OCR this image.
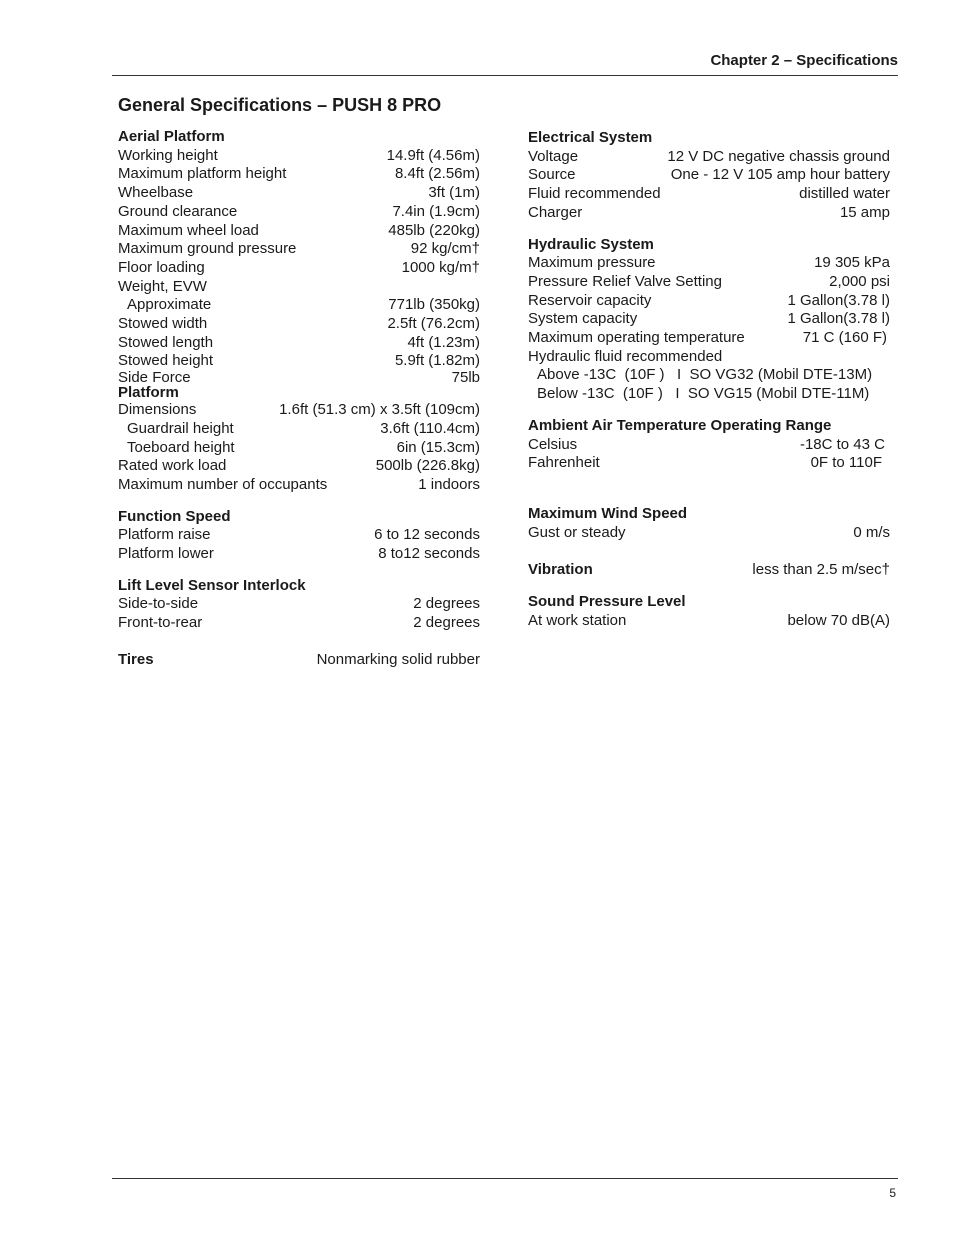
Chapter 2 – Specifications
General Specifications – PUSH 8 PRO
Aerial Platform
Working height	14.9ft (4.56m)
Maximum platform height	8.4ft (2.56m)
Wheelbase	3ft (1m)
Ground clearance	7.4in (1.9cm)
Maximum wheel load	485lb (220kg)
Maximum ground pressure	92 kg/cm†
Floor loading	1000 kg/m†
Weight, EVW
Approximate	771lb (350kg)
Stowed width	2.5ft (76.2cm)
Stowed length	4ft (1.23m)
Stowed height	5.9ft (1.82m)
Side Force	75lb
Platform
Dimensions	1.6ft (51.3 cm) x 3.5ft (109cm)
Guardrail height	3.6ft (110.4cm)
Toeboard height	6in (15.3cm)
Rated work load	500lb (226.8kg)
Maximum number of occupants	1 indoors
Function Speed
Platform raise	6 to 12 seconds
Platform lower	8 to12 seconds
Lift Level Sensor Interlock
Side-to-side	2 degrees
Front-to-rear	2 degrees
Tires	Nonmarking solid rubber
Electrical System
Voltage	12 V DC negative chassis ground
Source	One - 12 V 105 amp hour battery
Fluid recommended	distilled water
Charger	15 amp
Hydraulic System
Maximum pressure	19 305 kPa
Pressure Relief Valve Setting	2,000 psi
Reservoir capacity	1 Gallon(3.78 l)
System capacity	1 Gallon(3.78 l)
Maximum operating temperature	71 C (160 F)
Hydraulic fluid recommended
Above -13C  (10F )   I  SO VG32 (Mobil DTE-13M)
Below -13C  (10F )   I  SO VG15 (Mobil DTE-11M)
Ambient Air Temperature Operating Range
Celsius	-18C to 43 C
Fahrenheit	0F to 110F
Maximum Wind Speed
Gust or steady	0 m/s
Vibration	less than 2.5 m/sec†
Sound Pressure Level
At work station	below 70 dB(A)
5
